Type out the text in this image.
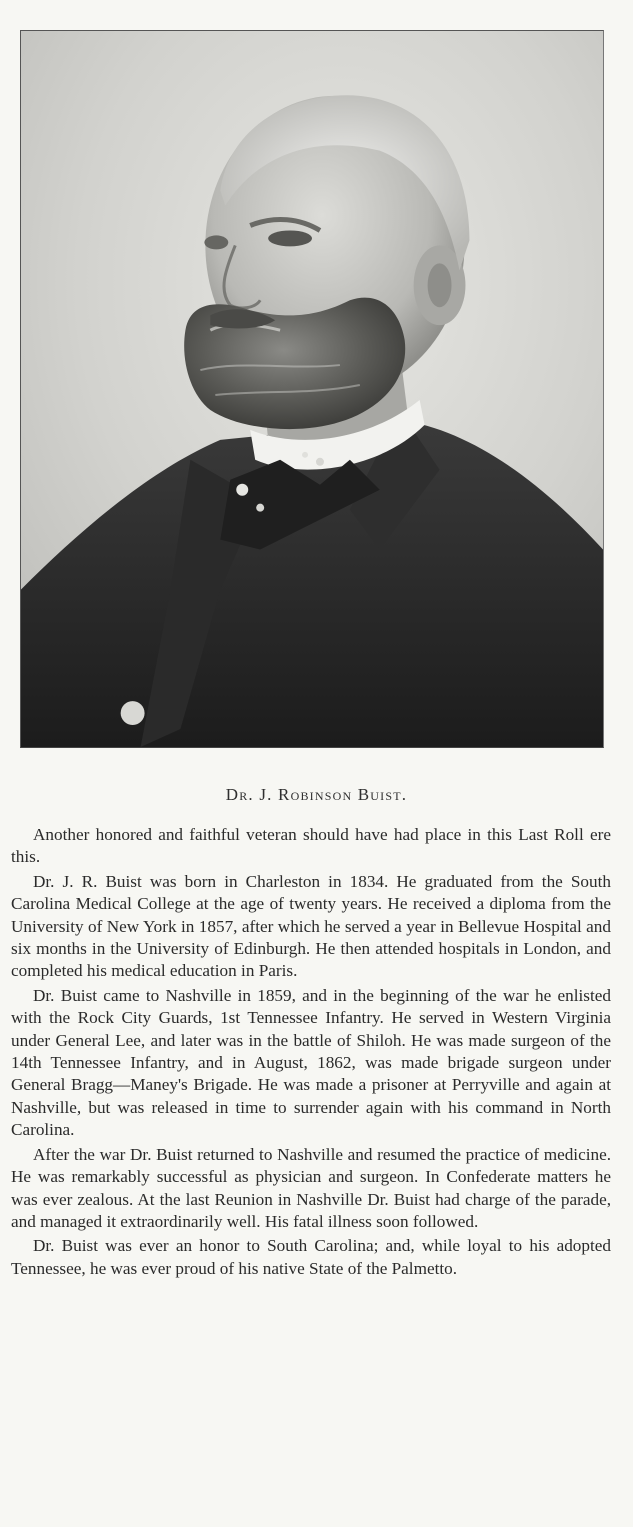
Dr. J. Robinson Buist.

Another honored and faithful veteran should have had place in this Last Roll ere this.

Dr. J. R. Buist was born in Charleston in 1834. He graduated from the South Carolina Medical College at the age of twenty years. He received a diploma from the University of New York in 1857, after which he served a year in Bellevue Hospital and six months in the University of Edinburgh. He then attended hospitals in London, and completed his medical education in Paris.

Dr. Buist came to Nashville in 1859, and in the beginning of the war he enlisted with the Rock City Guards, 1st Tennessee Infantry. He served in Western Virginia under General Lee, and later was in the battle of Shiloh. He was made surgeon of the 14th Tennessee Infantry, and in August, 1862, was made brigade surgeon under General Bragg—Maney's Brigade. He was made a prisoner at Perryville and again at Nashville, but was released in time to surrender again with his command in North Carolina.

After the war Dr. Buist returned to Nashville and resumed the practice of medicine. He was remarkably successful as physician and surgeon. In Confederate matters he was ever zealous. At the last Reunion in Nashville Dr. Buist had charge of the parade, and managed it extraordinarily well. His fatal illness soon followed.

Dr. Buist was ever an honor to South Carolina; and, while loyal to his adopted Tennessee, he was ever proud of his native State of the Palmetto.
